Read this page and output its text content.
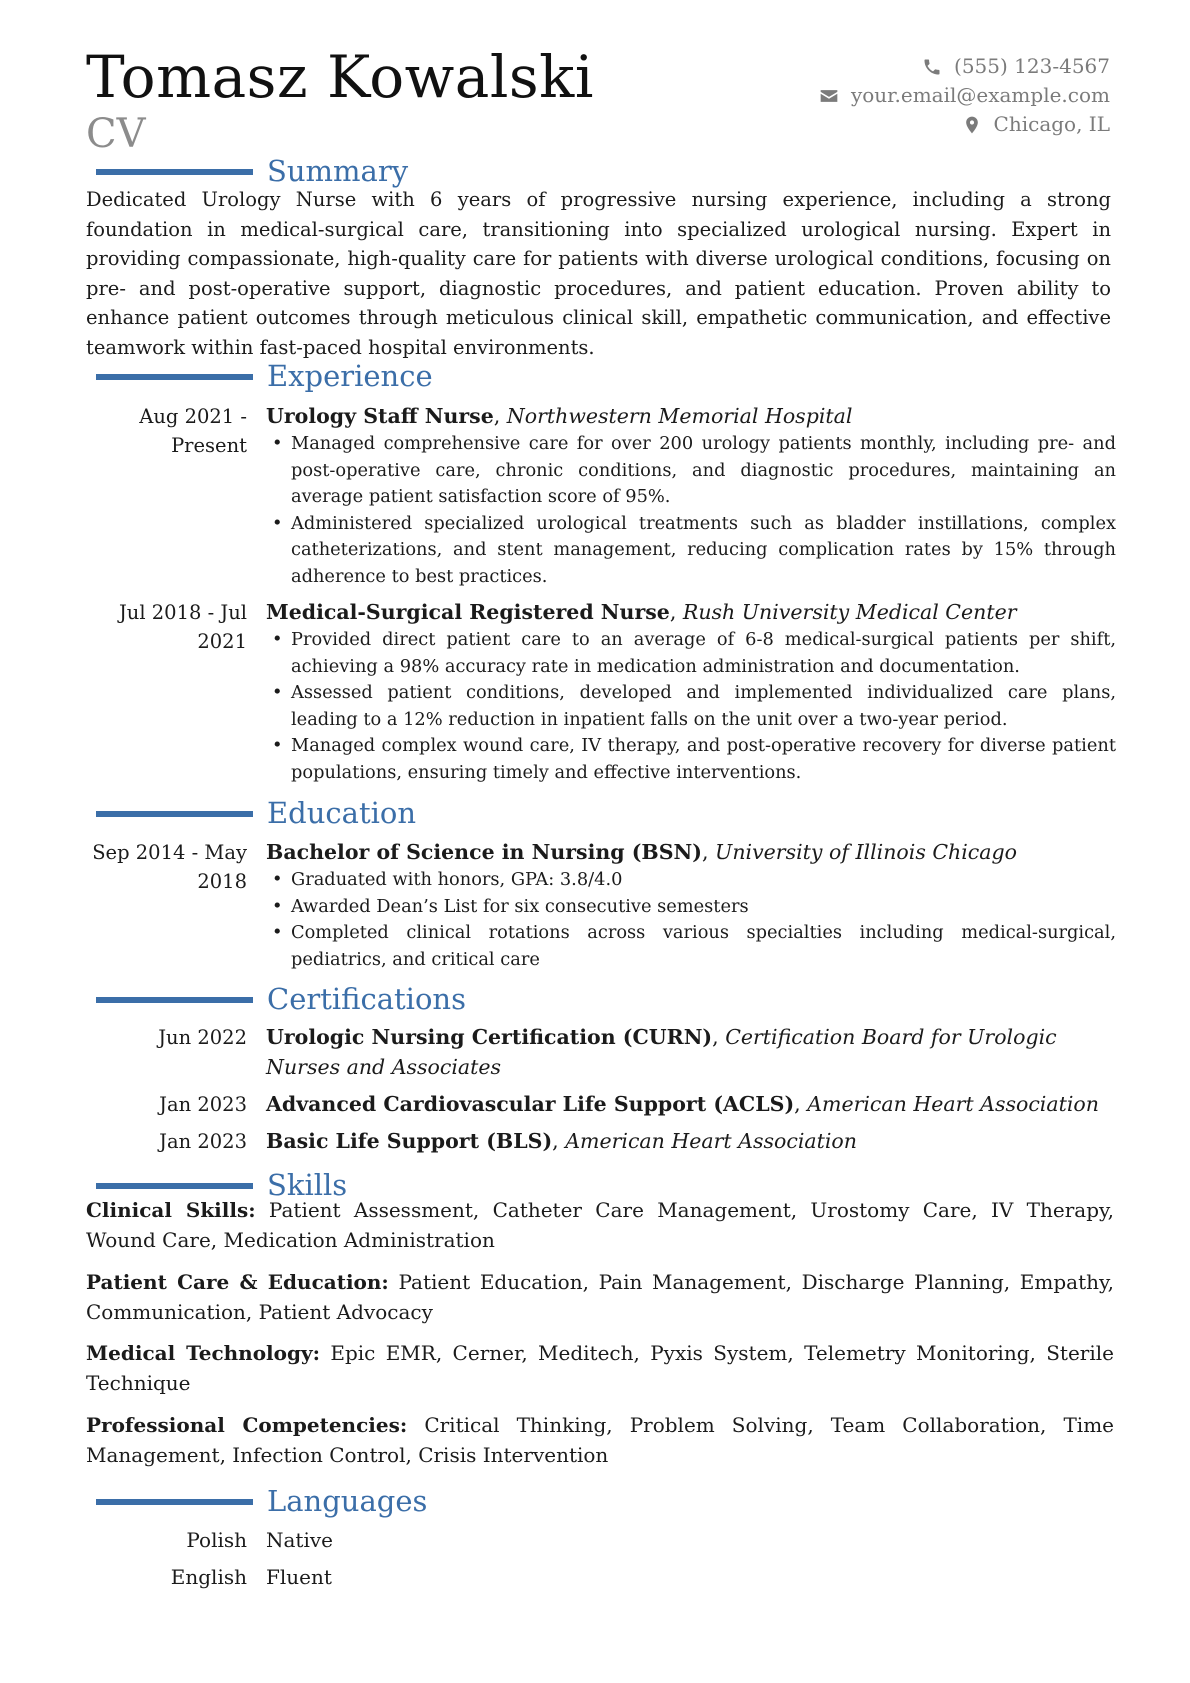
Tomasz Kowalski
CV
(555) 123-4567
your.email@example.com
Chicago, IL
Summary

Dedicated Urology Nurse with 6 years of progressive nursing experience, including a strong foundation in medical-surgical care, transitioning into specialized urological nursing. Expert in providing compassionate, high-quality care for patients with diverse urological conditions, focusing on pre- and post-operative support, diagnostic procedures, and patient education. Proven ability to enhance patient outcomes through meticulous clinical skill, empathetic communication, and effective teamwork within fast-paced hospital environments.

Experience
Aug 2021 -
Present
Urology Staff Nurse, Northwestern Memorial Hospital
• Managed comprehensive care for over 200 urology patients monthly, including pre- and post-operative care, chronic conditions, and diagnostic procedures, maintaining an average patient satisfaction score of 95%.
• Administered specialized urological treatments such as bladder instillations, complex catheterizations, and stent management, reducing complication rates by 15% through adherence to best practices.
Jul 2018 - Jul
2021
Medical-Surgical Registered Nurse, Rush University Medical Center
• Provided direct patient care to an average of 6-8 medical-surgical patients per shift, achieving a 98% accuracy rate in medication administration and documentation.
• Assessed patient conditions, developed and implemented individualized care plans, leading to a 12% reduction in inpatient falls on the unit over a two-year period.
• Managed complex wound care, IV therapy, and post-operative recovery for diverse patient populations, ensuring timely and effective interventions.
Education
Sep 2014 - May
2018
Bachelor of Science in Nursing (BSN), University of Illinois Chicago
• Graduated with honors, GPA: 3.8/4.0
• Awarded Dean’s List for six consecutive semesters
• Completed clinical rotations across various specialties including medical-surgical, pediatrics, and critical care
Certifications
Jun 2022 Urologic Nursing Certification (CURN), Certification Board for Urologic Nurses and Associates
Jan 2023 Advanced Cardiovascular Life Support (ACLS), American Heart Association
Jan 2023 Basic Life Support (BLS), American Heart Association
Skills

Clinical Skills: Patient Assessment, Catheter Care Management, Urostomy Care, IV Therapy, Wound Care, Medication Administration

Patient Care & Education: Patient Education, Pain Management, Discharge Planning, Empathy, Communication, Patient Advocacy

Medical Technology: Epic EMR, Cerner, Meditech, Pyxis System, Telemetry Monitoring, Sterile Technique

Professional Competencies: Critical Thinking, Problem Solving, Team Collaboration, Time Management, Infection Control, Crisis Intervention

Languages
Polish Native
English Fluent
